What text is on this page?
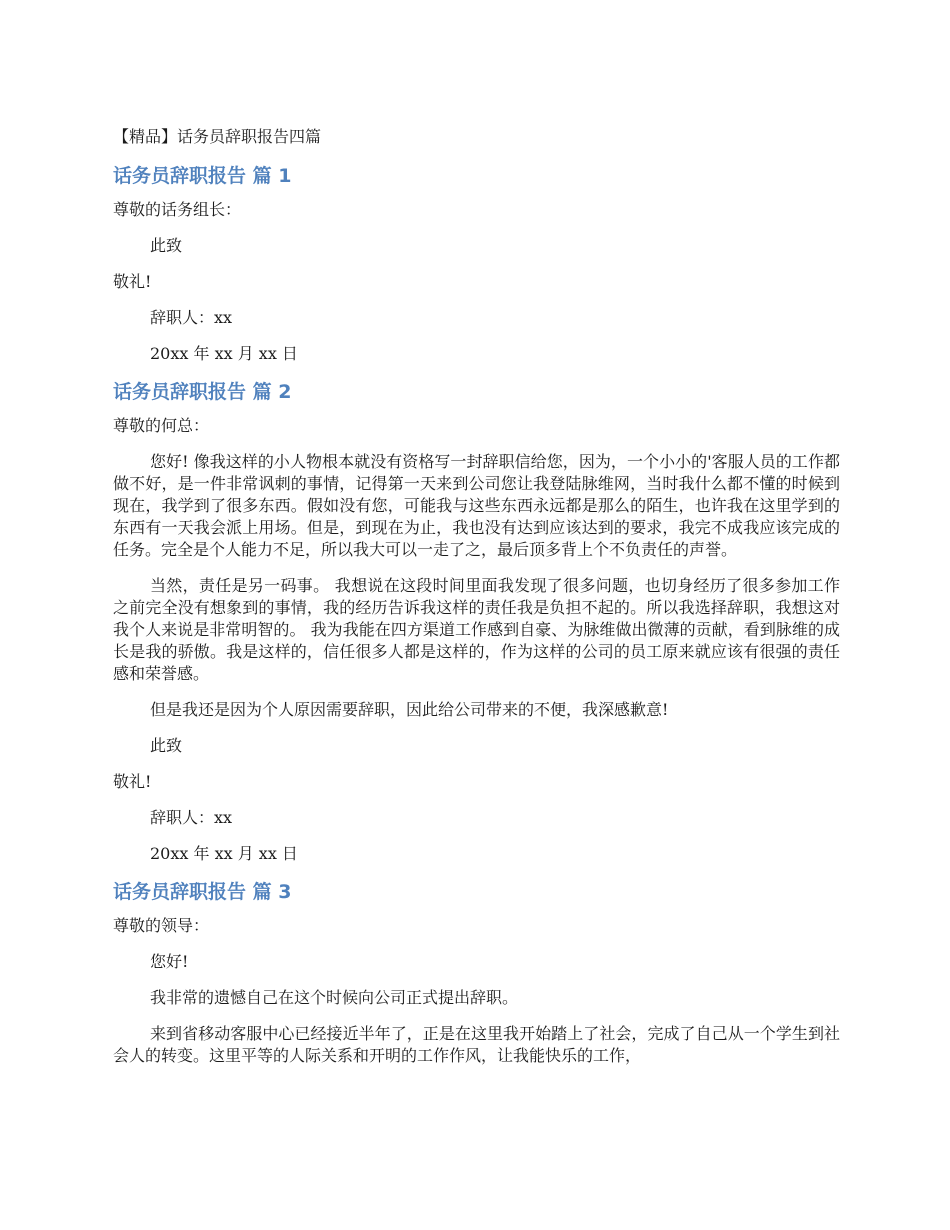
【精品】话务员辞职报告四篇
话务员辞职报告 篇 1
尊敬的话务组长：
此致
敬礼!
辞职人：xx
20xx 年 xx 月 xx 日
话务员辞职报告 篇 2
尊敬的何总：
您好! 像我这样的小人物根本就没有资格写一封辞职信给您，因为，一个小小的'客服人员的工作都做不好，是一件非常讽刺的事情，记得第一天来到公司您让我登陆脉维网，当时我什么都不懂的时候到现在，我学到了很多东西。假如没有您，可能我与这些东西永远都是那么的陌生，也许我在这里学到的东西有一天我会派上用场。但是，到现在为止，我也没有达到应该达到的要求，我完不成我应该完成的任务。完全是个人能力不足，所以我大可以一走了之，最后顶多背上个不负责任的声誉。
当然，责任是另一码事。 我想说在这段时间里面我发现了很多问题，也切身经历了很多参加工作之前完全没有想象到的事情，我的经历告诉我这样的责任我是负担不起的。所以我选择辞职，我想这对我个人来说是非常明智的。 我为我能在四方渠道工作感到自豪、为脉维做出微薄的贡献，看到脉维的成长是我的骄傲。我是这样的，信任很多人都是这样的，作为这样的公司的员工原来就应该有很强的责任感和荣誉感。
但是我还是因为个人原因需要辞职，因此给公司带来的不便，我深感歉意!
此致
敬礼!
辞职人：xx
20xx 年 xx 月 xx 日
话务员辞职报告 篇 3
尊敬的领导：
您好!
我非常的遗憾自己在这个时候向公司正式提出辞职。
来到省移动客服中心已经接近半年了，正是在这里我开始踏上了社会，完成了自己从一个学生到社会人的转变。这里平等的人际关系和开明的工作作风，让我能快乐的工作，
